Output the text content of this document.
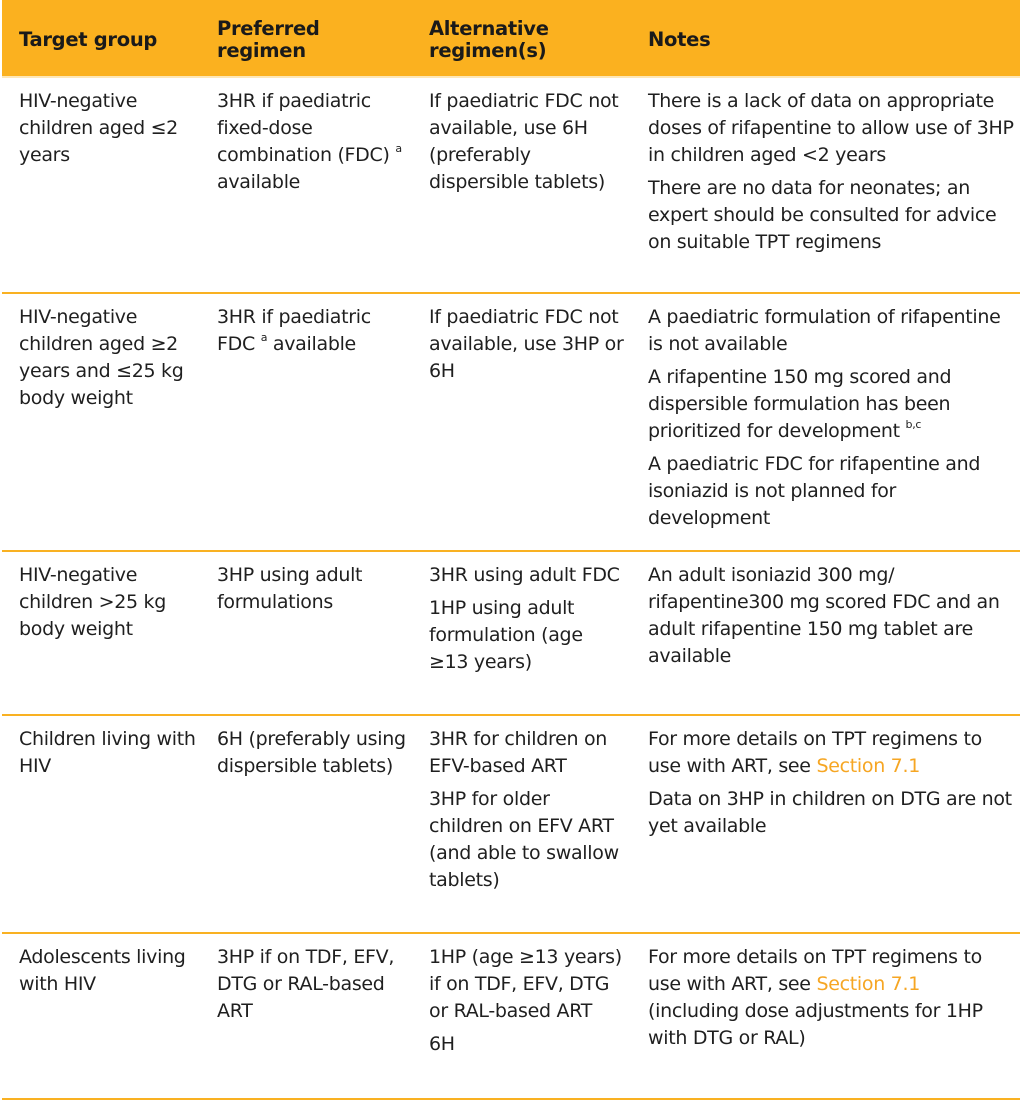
Target group	Preferred
regimen
Alternative
regimen(s)	Notes
HIV-negative children aged ≤2 years
3HR if paediatric fixed-dose combination (FDC) $^a$ available

If paediatric FDC not available, use 6H (preferably dispersible tablets)

There is a lack of data on appropriate doses of rifapentine to allow use of 3HP in children aged <2 years

There are no data for neonates; an expert should be consulted for advice on suitable TPT regimens

HIV-negative children aged ≥2 years and ≤25 kg body weight
3HR if paediatric FDC $^a$ available

If paediatric FDC not available, use 3HP or 6H

A paediatric formulation of rifapentine is not available

A rifapentine 150 mg scored and dispersible formulation has been prioritized for development $^{b,c}$

A paediatric FDC for rifapentine and isoniazid is not planned for development

HIV-negative children >25 kg body weight
3HP using adult formulations

3HR using adult FDC

1HP using adult formulation (age ≥13 years)

An adult isoniazid 300 mg/ rifapentine300 mg scored FDC and an adult rifapentine 150 mg tablet are available

Children living with HIV
6H (preferably using dispersible tablets)

3HR for children on EFV-based ART

3HP for older children on EFV ART (and able to swallow tablets)

For more details on TPT regimens to use with ART, see Section 7.1

Data on 3HP in children on DTG are not yet available

Adolescents living with HIV
3HP if on TDF, EFV, DTG or RAL-based ART

1HP (age ≥13 years) if on TDF, EFV, DTG or RAL-based ART

6H

For more details on TPT regimens to use with ART, see Section 7.1 (including dose adjustments for 1HP with DTG or RAL)
